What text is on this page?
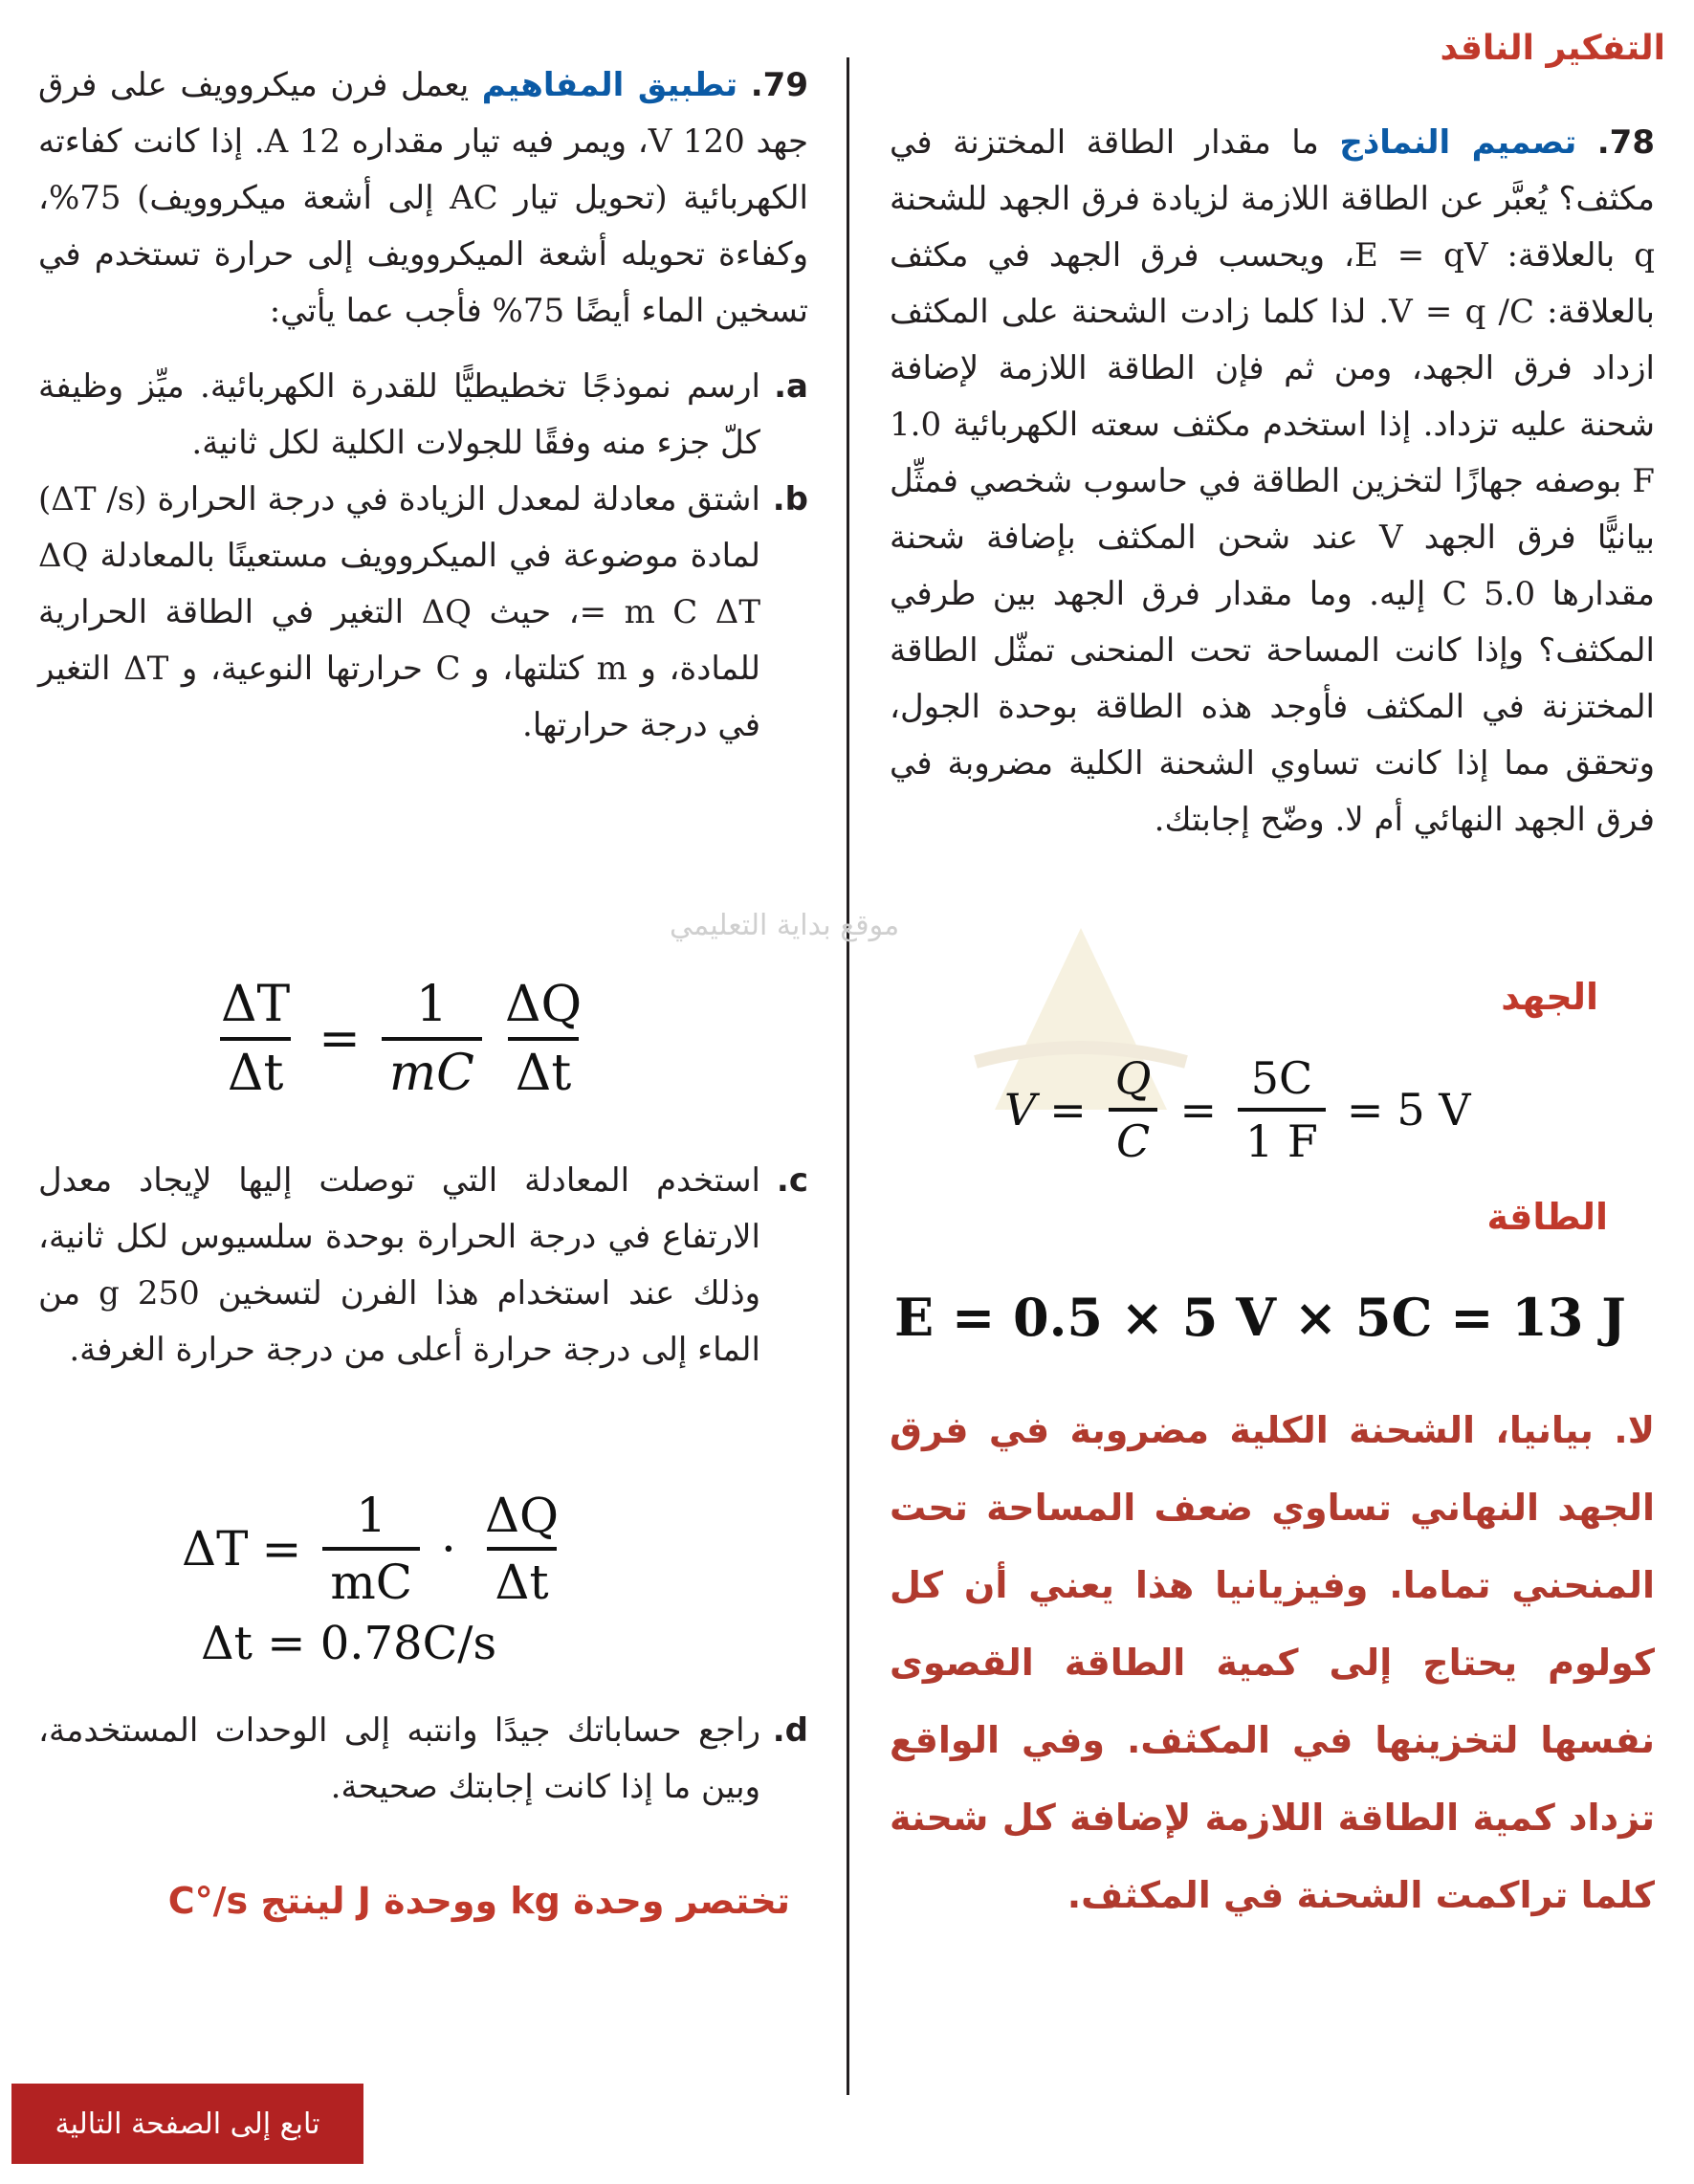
التفكير الناقد
موقع بداية التعليمي
78. تصميم النماذج ما مقدار الطاقة المختزنة في مكثف؟ يُعبَّر عن الطاقة اللازمة لزيادة فرق الجهد للشحنة q بالعلاقة: E = qV، ويحسب فرق الجهد في مكثف بالعلاقة: V = q /C. لذا كلما زادت الشحنة على المكثف ازداد فرق الجهد، ومن ثم فإن الطاقة اللازمة لإضافة شحنة عليه تزداد. إذا استخدم مكثف سعته الكهربائية 1.0 F بوصفه جهازًا لتخزين الطاقة في حاسوب شخصي فمثِّل بيانيًّا فرق الجهد V عند شحن المكثف بإضافة شحنة مقدارها 5.0 C إليه. وما مقدار فرق الجهد بين طرفي المكثف؟ وإذا كانت المساحة تحت المنحنى تمثّل الطاقة المختزنة في المكثف فأوجد هذه الطاقة بوحدة الجول، وتحقق مما إذا كانت تساوي الشحنة الكلية مضروبة في فرق الجهد النهائي أم لا. وضّح إجابتك.
الجهد
$V = \frac{Q}{C} = \frac{5C}{1 F} = 5$ V
الطاقة
E = 0.5 × 5 V × 5C = 13 J
لا. بيانيا، الشحنة الكلية مضروبة في فرق الجهد النهاني تساوي ضعف المساحة تحت المنحني تماما. وفيزيانيا هذا يعني أن كل كولوم يحتاج إلى كمية الطاقة القصوى نفسها لتخزينها في المكثف. وفي الواقع تزداد كمية الطاقة اللازمة لإضافة كل شحنة كلما تراكمت الشحنة في المكثف.
79. تطبيق المفاهيم يعمل فرن ميكروويف على فرق جهد 120 V، ويمر فيه تيار مقداره 12 A. إذا كانت كفاءته الكهربائية (تحويل تيار AC إلى أشعة ميكروويف) 75%، وكفاءة تحويله أشعة الميكروويف إلى حرارة تستخدم في تسخين الماء أيضًا 75% فأجب عما يأتي:
a.
ارسم نموذجًا تخطيطيًّا للقدرة الكهربائية. ميِّز وظيفة كلّ جزء منه وفقًا للجولات الكلية لكل ثانية.
b.
اشتق معادلة لمعدل الزيادة في درجة الحرارة (ΔT /s) لمادة موضوعة في الميكروويف مستعينًا بالمعادلة ΔQ = m C ΔT، حيث ΔQ التغير في الطاقة الحرارية للمادة، و m كتلتها، و C حرارتها النوعية، و ΔT التغير في درجة حرارتها.
$\frac{\Delta T}{\Delta t} = \frac{1}{mC} \frac{\Delta Q}{\Delta t}$
c.
استخدم المعادلة التي توصلت إليها لإيجاد معدل الارتفاع في درجة الحرارة بوحدة سلسيوس لكل ثانية، وذلك عند استخدام هذا الفرن لتسخين 250 g من الماء إلى درجة حرارة أعلى من درجة حرارة الغرفة.
$\Delta T = \frac{1}{mC} \cdot \frac{\Delta Q}{\Delta t}$
Δt = 0.78C/s
d.
راجع حساباتك جيدًا وانتبه إلى الوحدات المستخدمة، وبين ما إذا كانت إجابتك صحيحة.
تختصر وحدة kg ووحدة J لينتج C°/s
تابع إلى الصفحة التالية
